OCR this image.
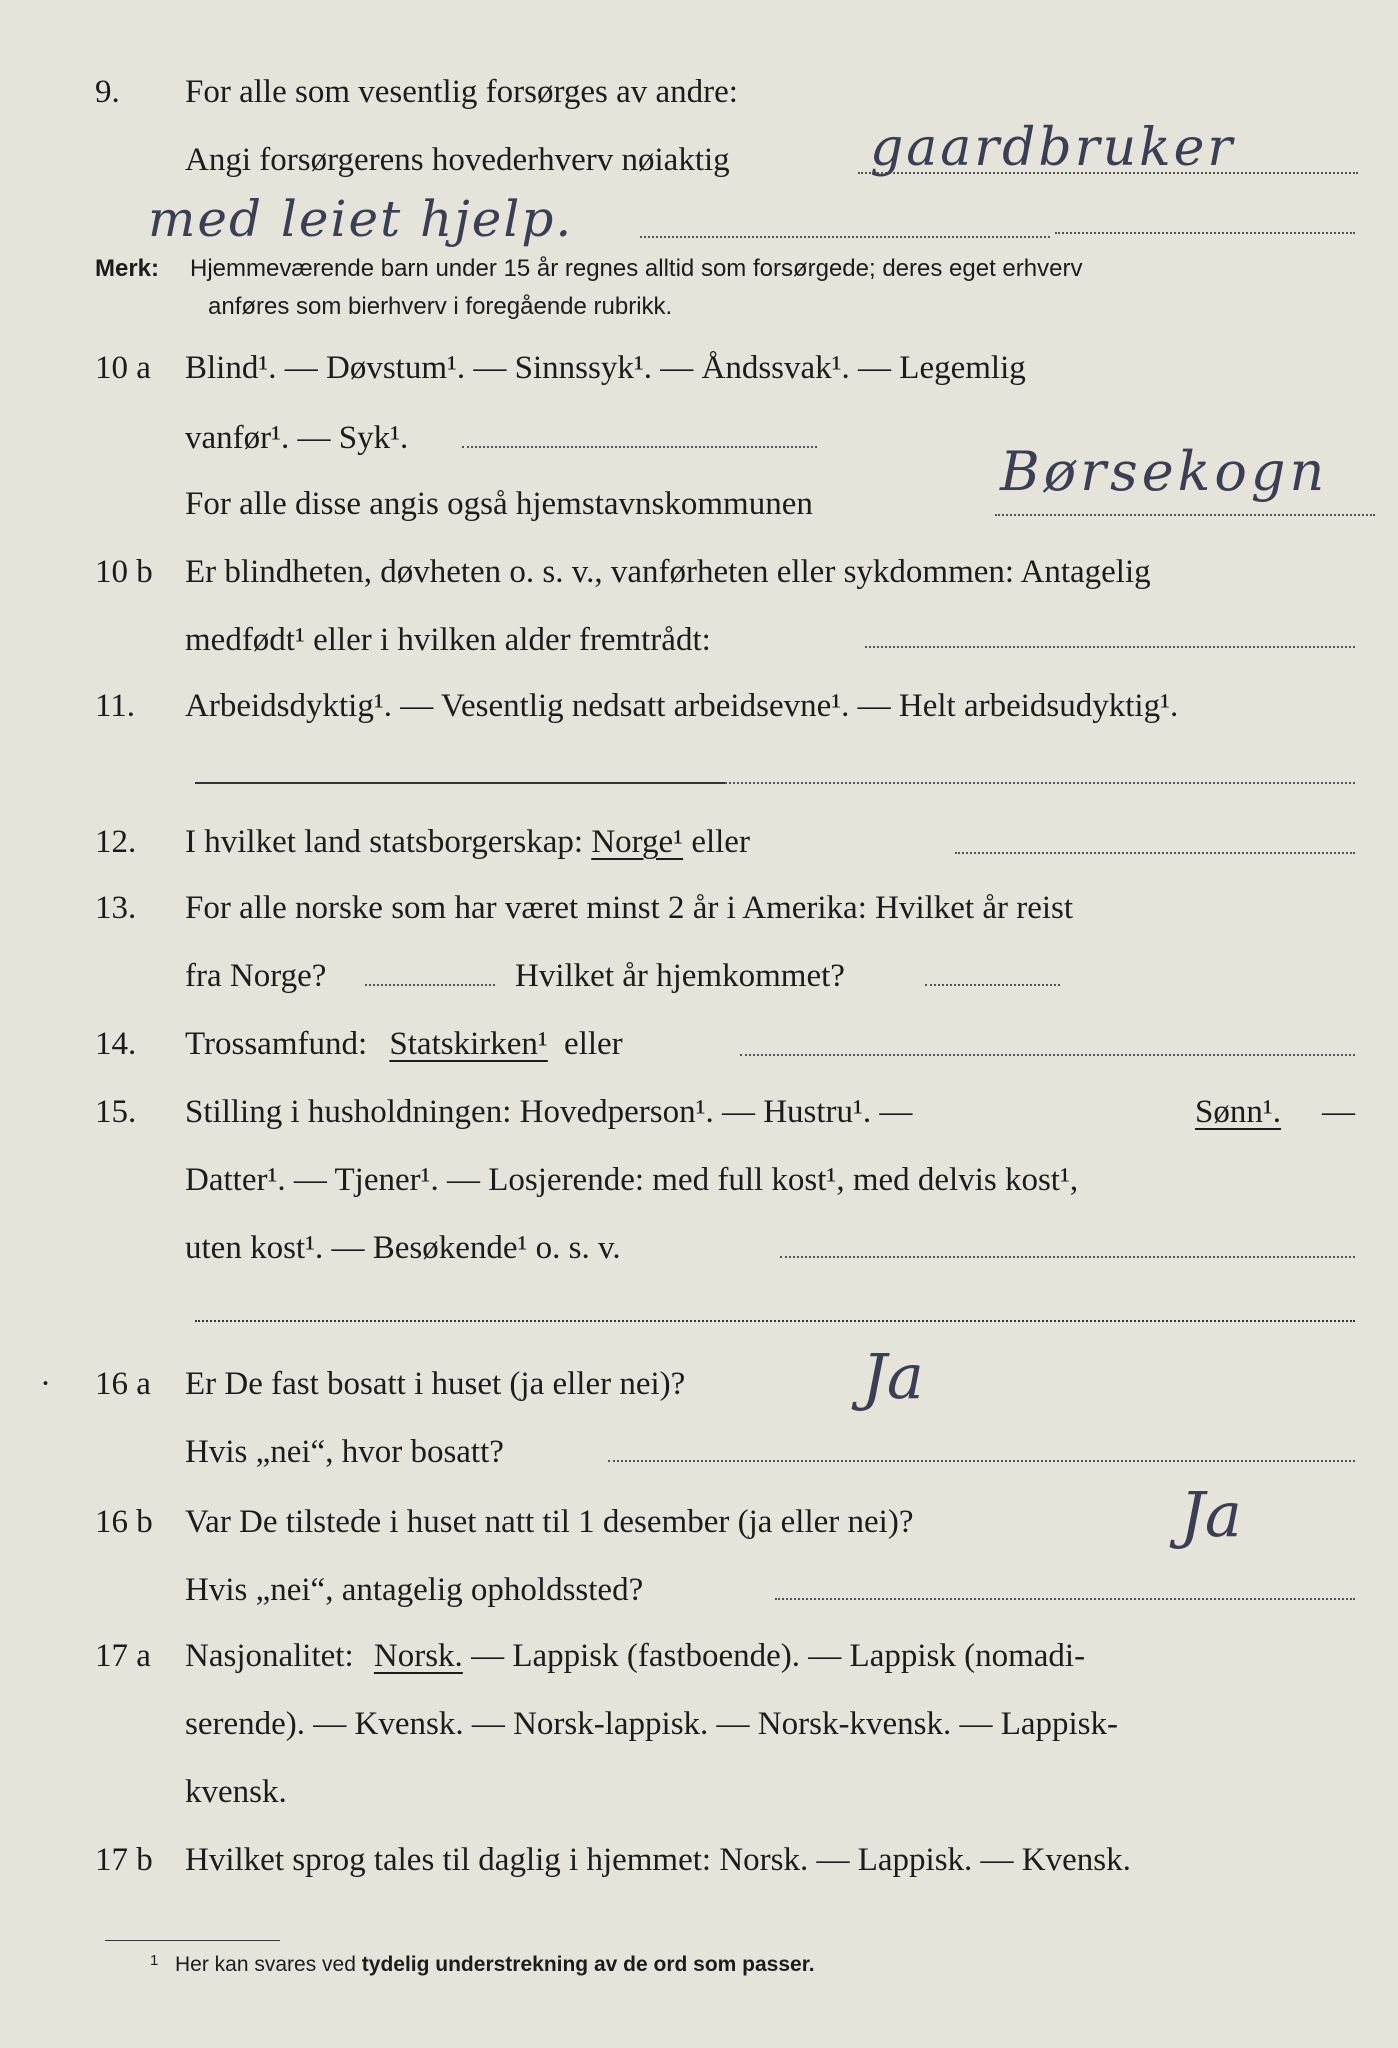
9. For alle som vesentlig forsørges av andre:
Angi forsørgerens hovederhverv nøiaktig	gaardbruker
med leiet hjelp.
Merk: Hjemmeværende barn under 15 år regnes alltid som forsørgede; deres eget erhverv
anføres som bierhverv i foregående rubrikk.
10 a Blind¹. — Døvstum¹. — Sinnssyk¹. — Åndssvak¹. — Legemlig
vanfør¹. — Syk¹.
For alle disse angis også hjemstavnskommunen
Børsekogn
10 b Er blindheten, døvheten o. s. v., vanførheten eller sykdommen: Antagelig
medfødt¹ eller i hvilken alder fremtrådt:
11. Arbeidsdyktig¹. — Vesentlig nedsatt arbeidsevne¹. — Helt arbeidsudyktig¹.
12. I hvilket land statsborgerskap: Norge¹ eller
13. For alle norske som har været minst 2 år i Amerika: Hvilket år reist
fra Norge?	Hvilket år hjemkommet?
14. Trossamfund: Statskirken¹ eller
15. Stilling i husholdningen: Hovedperson¹. — Hustru¹. —	Sønn¹. —
Datter¹. — Tjener¹. — Losjerende: med full kost¹, med delvis kost¹,
uten kost¹. — Besøkende¹ o. s. v.
· 16 a Er De fast bosatt i huset (ja eller nei)?	Ja
Hvis „nei“, hvor bosatt?
16 b Var De tilstede i huset natt til 1 desember (ja eller nei)?	Ja
Hvis „nei“, antagelig opholdssted?
17 a Nasjonalitet: Norsk. — Lappisk (fastboende). — Lappisk (nomadi-
serende). — Kvensk. — Norsk-lappisk. — Norsk-kvensk. — Lappisk-
kvensk.
17 b Hvilket sprog tales til daglig i hjemmet: Norsk. — Lappisk. — Kvensk.
1 Her kan svares ved tydelig understrekning av de ord som passer.
